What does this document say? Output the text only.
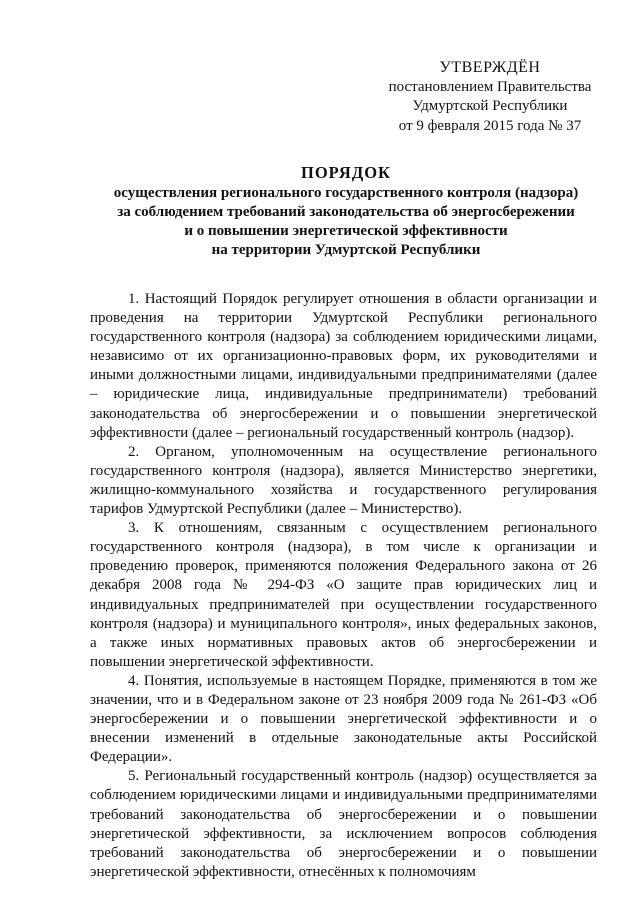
УТВЕРЖДЁН
постановлением Правительства
Удмуртской Республики
от 9 февраля 2015 года № 37
ПОРЯДОК
осуществления регионального государственного контроля (надзора)
за соблюдением требований законодательства об энергосбережении
и о повышении энергетической эффективности
на территории Удмуртской Республики

1. Настоящий Порядок регулирует отношения в области организации и проведения на территории Удмуртской Республики регионального государственного контроля (надзора) за соблюдением юридическими лицами, независимо от их организационно-правовых форм, их руководителями и иными должностными лицами, индивидуальными предпринимателями (далее – юридические лица, индивидуальные предприниматели) требований законодательства об энергосбережении и о повышении энергетической эффективности (далее – региональный государственный контроль (надзор).

2. Органом, уполномоченным на осуществление регионального государственного контроля (надзора), является Министерство энергетики, жилищно-коммунального хозяйства и государственного регулирования тарифов Удмуртской Республики (далее – Министерство).

3. К отношениям, связанным с осуществлением регионального государственного контроля (надзора), в том числе к организации и проведению проверок, применяются положения Федерального закона от 26 декабря 2008 года № 294-ФЗ «О защите прав юридических лиц и индивидуальных предпринимателей при осуществлении государственного контроля (надзора) и муниципального контроля», иных федеральных законов, а также иных нормативных правовых актов об энергосбережении и повышении энергетической эффективности.

4. Понятия, используемые в настоящем Порядке, применяются в том же значении, что и в Федеральном законе от 23 ноября 2009 года № 261-ФЗ «Об энергосбережении и о повышении энергетической эффективности и о внесении изменений в отдельные законодательные акты Российской Федерации».

5. Региональный государственный контроль (надзор) осуществляется за соблюдением юридическими лицами и индивидуальными предпринимателями требований законодательства об энергосбережении и о повышении энергетической эффективности, за исключением вопросов соблюдения требований законодательства об энергосбережении и о повышении энергетической эффективности, отнесённых к полномочиям
